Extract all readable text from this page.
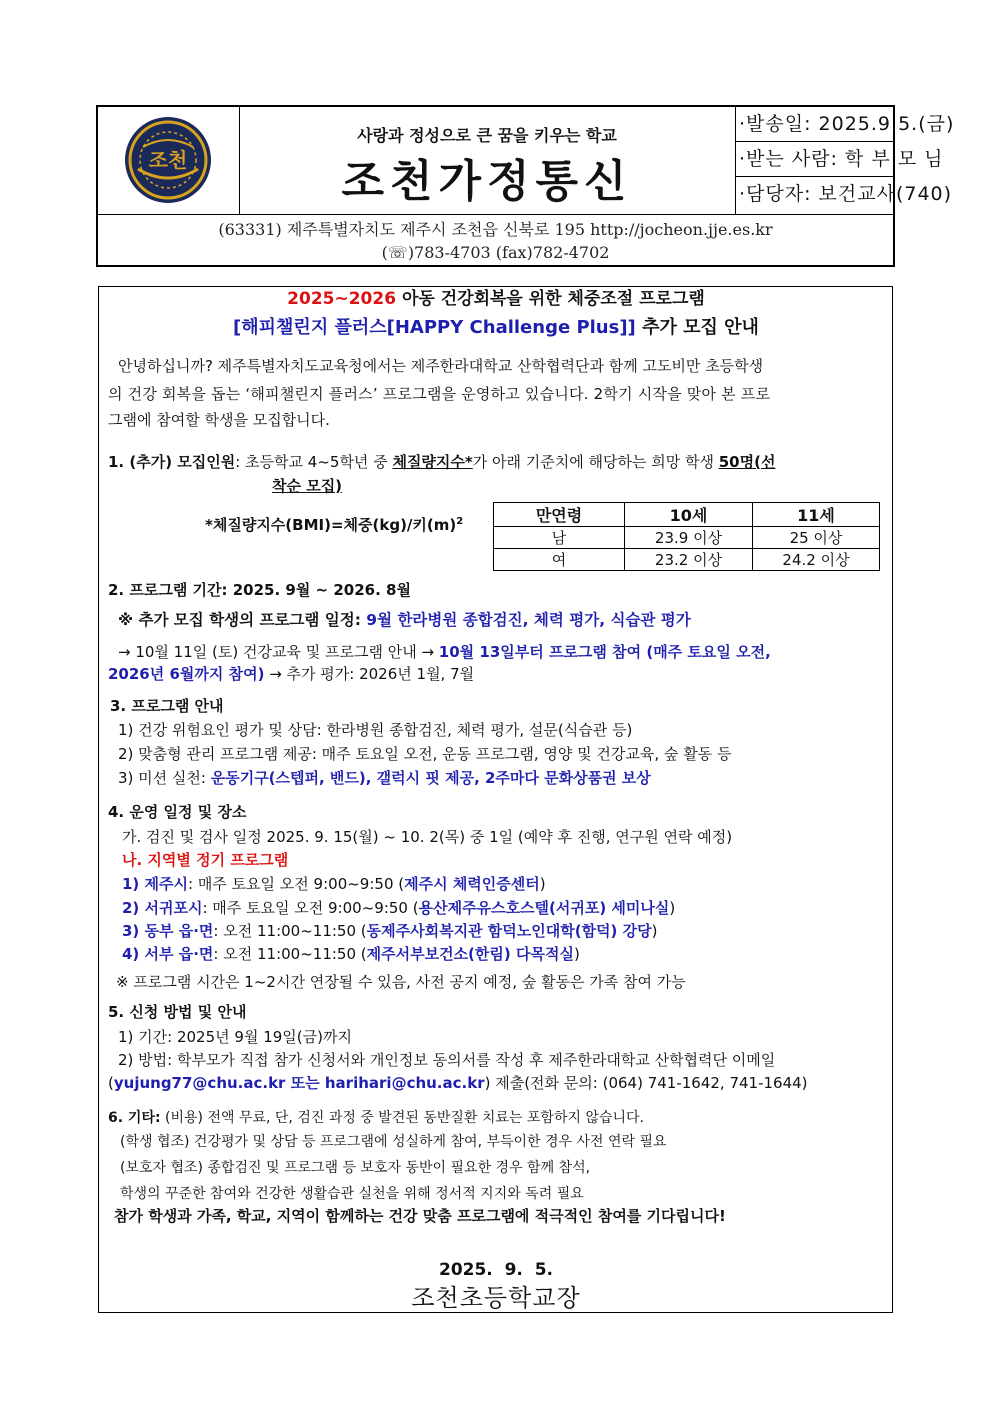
조천
사랑과 정성으로 큰 꿈을 키우는 학교
조천가정통신
·발송일: 2025.9.5.(금)
·받는 사람: 학 부 모 님
·담당자: 보건교사(740)
(63331) 제주특별자치도 제주시 조천읍 신북로 195 http://jocheon.jje.es.kr
(☏)783-4703 (fax)782-4702
2025~2026 아동 건강회복을 위한 체중조절 프로그램
[해피챌린지 플러스[HAPPY Challenge Plus]] 추가 모집 안내
안녕하십니까? 제주특별자치도교육청에서는 제주한라대학교 산학협력단과 함께 고도비만 초등학생
의 건강 회복을 돕는 ‘해피챌린지 플러스’ 프로그램을 운영하고 있습니다. 2학기 시작을 맞아 본 프로
그램에 참여할 학생을 모집합니다.
1. (추가) 모집인원: 초등학교 4~5학년 중 체질량지수*가 아래 기준치에 해당하는 희망 학생 50명(선
착순 모집)
*체질량지수(BMI)=체중(kg)/키$(m)^2$	만연령	10세	11세
남	23.9 이상	25 이상
여	23.2 이상	24.2 이상
2. 프로그램 기간: 2025. 9월 ~ 2026. 8월
※ 추가 모집 학생의 프로그램 일정: 9월 한라병원 종합검진, 체력 평가, 식습관 평가
→ 10월 11일 (토) 건강교육 및 프로그램 안내 → 10월 13일부터 프로그램 참여 (매주 토요일 오전,
2026년 6월까지 참여) → 추가 평가: 2026년 1월, 7월
3. 프로그램 안내
1) 건강 위험요인 평가 및 상담: 한라병원 종합검진, 체력 평가, 설문(식습관 등)
2) 맞춤형 관리 프로그램 제공: 매주 토요일 오전, 운동 프로그램, 영양 및 건강교육, 숲 활동 등
3) 미션 실천: 운동기구(스텝퍼, 밴드), 갤럭시 핏 제공, 2주마다 문화상품권 보상
4. 운영 일정 및 장소
가. 검진 및 검사 일정 2025. 9. 15(월) ~ 10. 2(목) 중 1일 (예약 후 진행, 연구원 연락 예정)
나. 지역별 정기 프로그램
1) 제주시: 매주 토요일 오전 9:00~9:50 (제주시 체력인증센터)
2) 서귀포시: 매주 토요일 오전 9:00~9:50 (용산제주유스호스텔(서귀포) 세미나실)
3) 동부 읍·면: 오전 11:00~11:50 (동제주사회복지관 함덕노인대학(함덕) 강당)
4) 서부 읍·면: 오전 11:00~11:50 (제주서부보건소(한림) 다목적실)
※ 프로그램 시간은 1~2시간 연장될 수 있음, 사전 공지 예정, 숲 활동은 가족 참여 가능
5. 신청 방법 및 안내
1) 기간: 2025년 9월 19일(금)까지
2) 방법: 학부모가 직접 참가 신청서와 개인정보 동의서를 작성 후 제주한라대학교 산학협력단 이메일
(yujung77@chu.ac.kr 또는 harihari@chu.ac.kr) 제출(전화 문의: (064) 741-1642, 741-1644)
6. 기타: (비용) 전액 무료, 단, 검진 과정 중 발견된 동반질환 치료는 포함하지 않습니다.
(학생 협조) 건강평가 및 상담 등 프로그램에 성실하게 참여, 부득이한 경우 사전 연락 필요
(보호자 협조) 종합검진 및 프로그램 등 보호자 동반이 필요한 경우 함께 참석,
학생의 꾸준한 참여와 건강한 생활습관 실천을 위해 정서적 지지와 독려 필요
참가 학생과 가족, 학교, 지역이 함께하는 건강 맞춤 프로그램에 적극적인 참여를 기다립니다!
2025.  9.  5.
조천초등학교장
